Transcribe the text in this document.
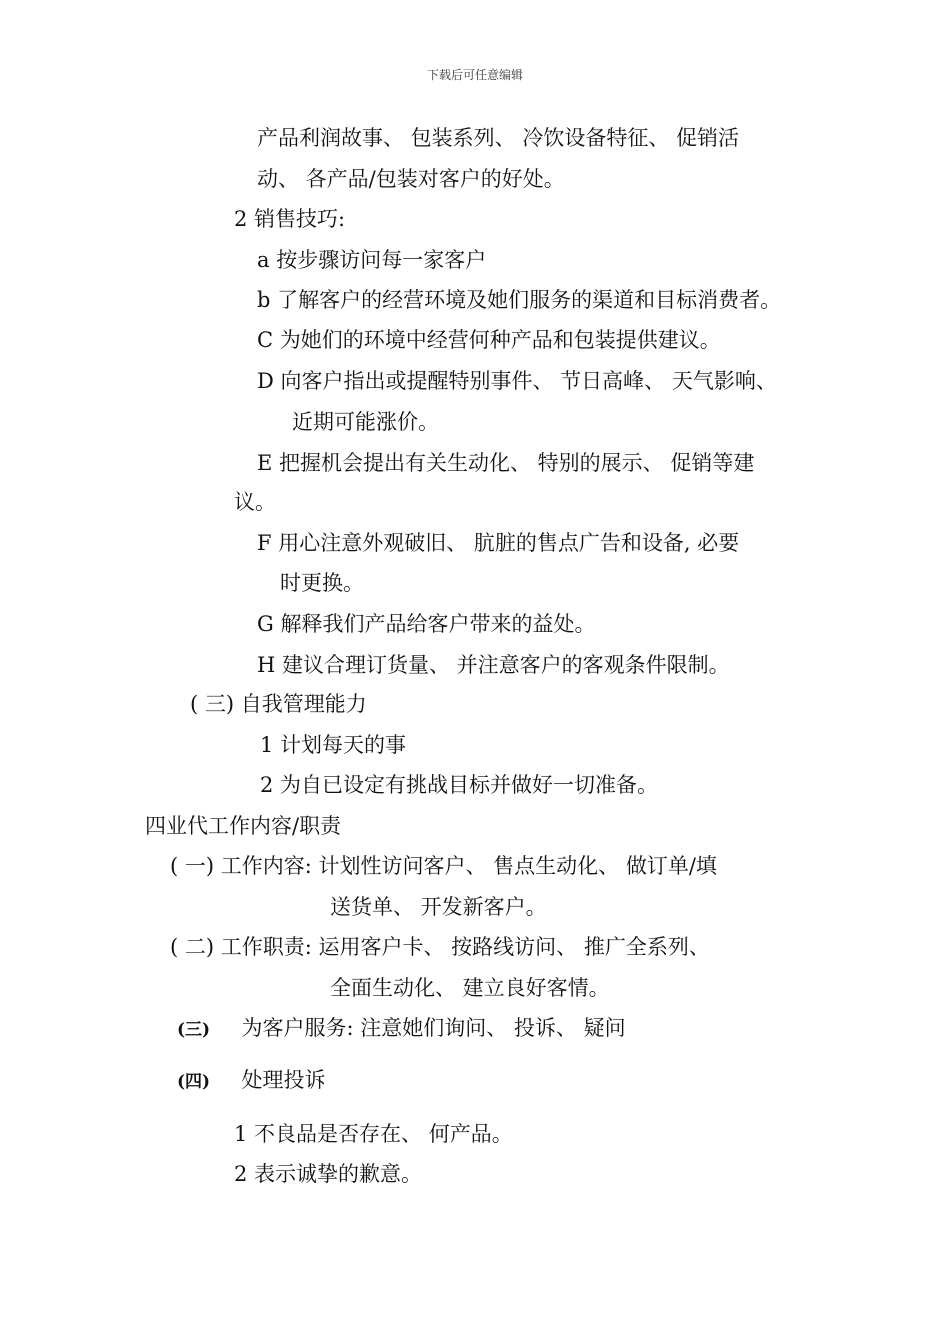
下载后可任意编辑
产品利润故事、 包装系列、 冷饮设备特征、 促销活
动、 各产品/包装对客户的好处。
2 销售技巧:
a 按步骤访问每一家客户
b 了解客户的经营环境及她们服务的渠道和目标消费者。
C 为她们的环境中经营何种产品和包装提供建议。
D 向客户指出或提醒特别事件、 节日高峰、 天气影响、
近期可能涨价。
E 把握机会提出有关生动化、 特别的展示、 促销等建
议。
F 用心注意外观破旧、 肮脏的售点广告和设备, 必要
时更换。
G 解释我们产品给客户带来的益处。
H 建议合理订货量、 并注意客户的客观条件限制。
( 三) 自我管理能力
1 计划每天的事
2 为自已设定有挑战目标并做好一切准备。
四业代工作内容/职责
( 一) 工作内容: 计划性访问客户、 售点生动化、 做订单/填
送货单、 开发新客户。
( 二) 工作职责: 运用客户卡、 按路线访问、 推广全系列、
全面生动化、 建立良好客情。
(三) 为客户服务: 注意她们询问、 投诉、 疑问
(四) 处理投诉
1 不良品是否存在、 何产品。
2 表示诚挚的歉意。
